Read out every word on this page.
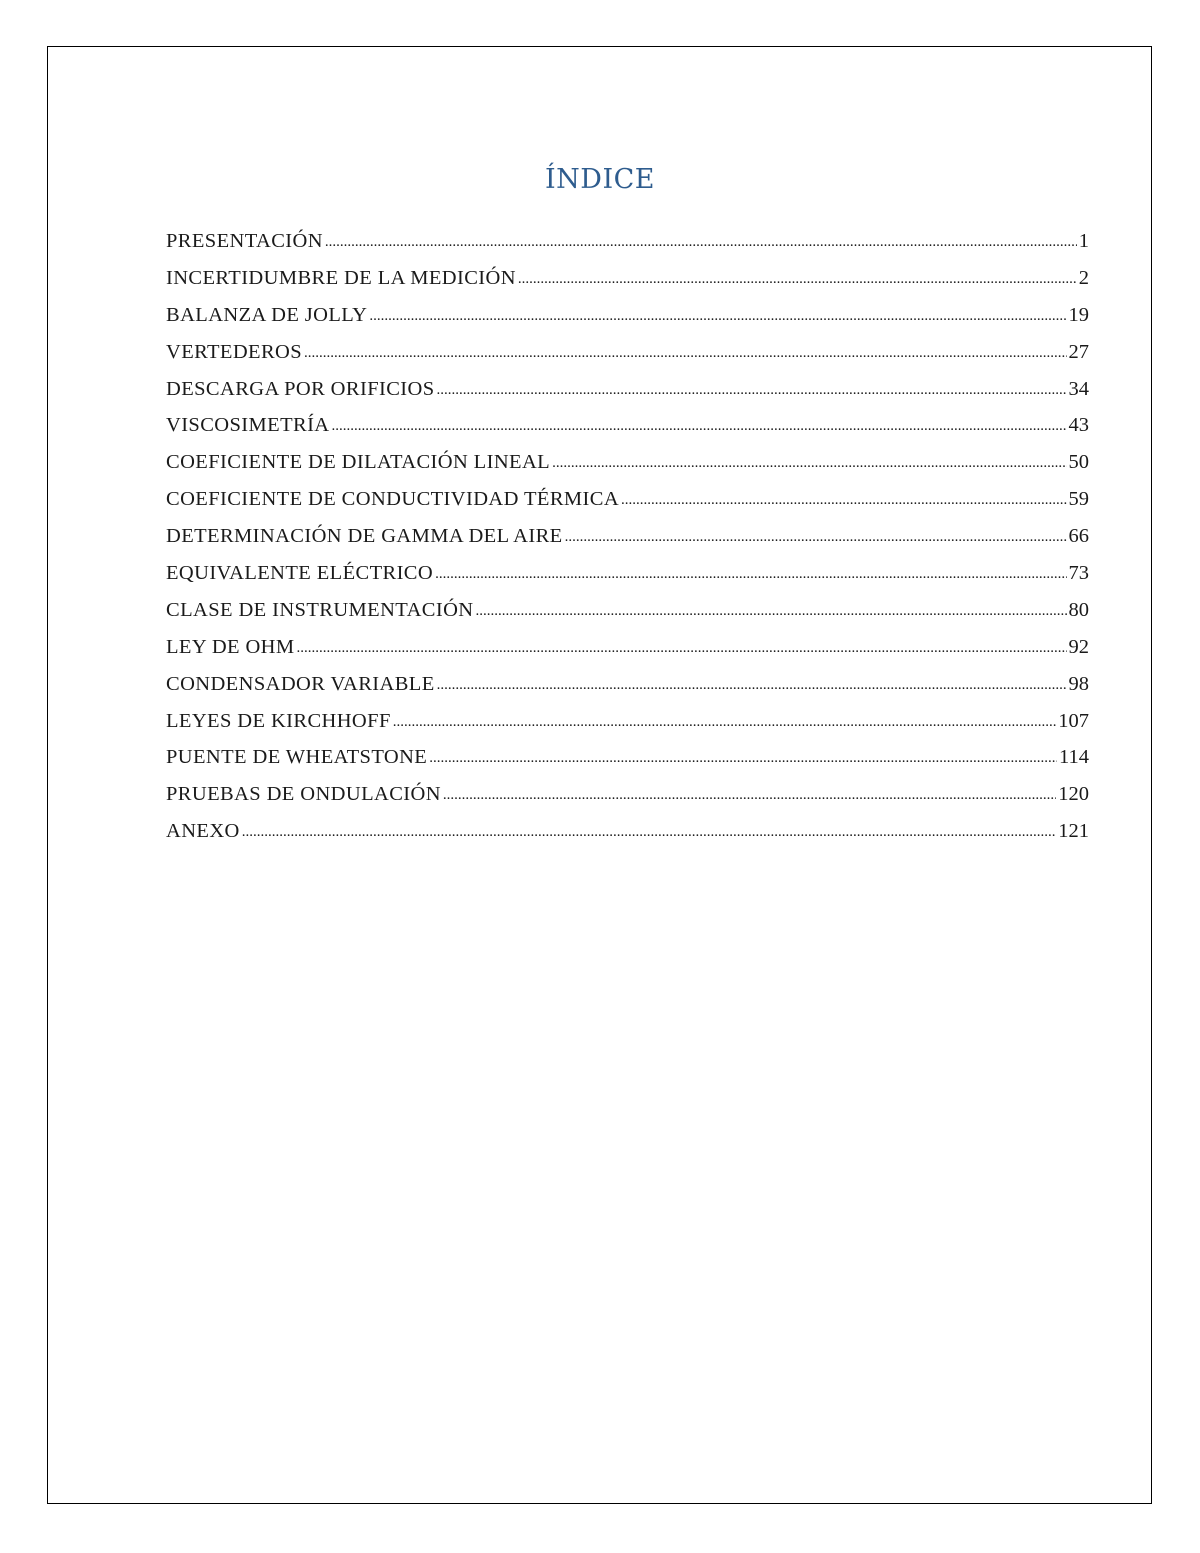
ÍNDICE
PRESENTACIÓN .....	1
INCERTIDUMBRE DE LA MEDICIÓN .....	2
BALANZA DE JOLLY .....	19
VERTEDEROS .....	27
DESCARGA POR ORIFICIOS .....	34
VISCOSIMETRÍA .....	43
COEFICIENTE DE DILATACIÓN LINEAL .....	50
COEFICIENTE DE CONDUCTIVIDAD TÉRMICA .....	59
DETERMINACIÓN DE GAMMA DEL AIRE .....	66
EQUIVALENTE ELÉCTRICO .....	73
CLASE DE INSTRUMENTACIÓN .....	80
LEY DE OHM .....	92
CONDENSADOR VARIABLE .....	98
LEYES DE KIRCHHOFF .....	107
PUENTE DE WHEATSTONE .....	114
PRUEBAS DE ONDULACIÓN .....	120
ANEXO .....	121
